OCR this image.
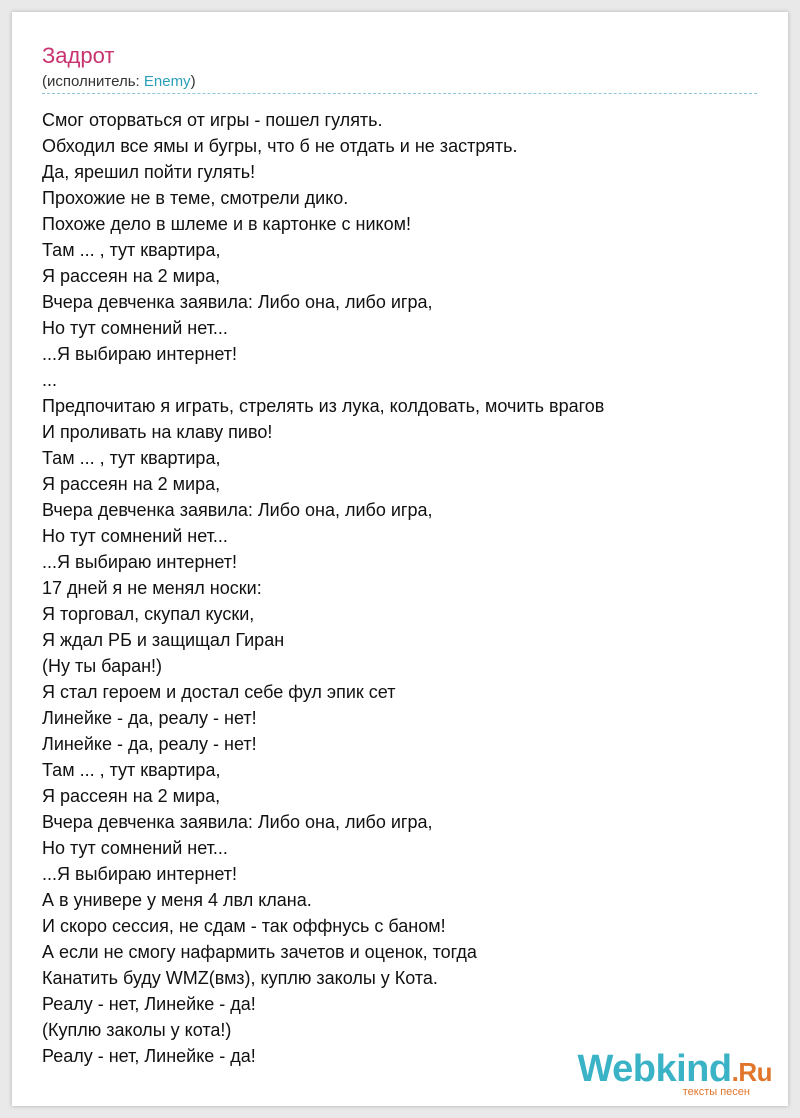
Задрот
(исполнитель: Enemy)
Смог оторваться от игры - пошел гулять.
Обходил все ямы и бугры, что б не отдать и не застрять.
Да, ярешил пойти гулять!
Прохожие не в теме, смотрели дико.
Похоже дело в шлеме и в картонке с ником!
Там ... , тут квартира,
Я рассеян на 2 мира,
Вчера девченка заявила: Либо она, либо игра,
Но тут сомнений нет...
...Я выбираю интернет!
...
Предпочитаю я играть, стрелять из лука, колдовать, мочить врагов
И проливать на клаву пиво!
Там ... , тут квартира,
Я рассеян на 2 мира,
Вчера девченка заявила: Либо она, либо игра,
Но тут сомнений нет...
...Я выбираю интернет!
17 дней я не менял носки:
Я торговал, скупал куски,
Я ждал РБ и защищал Гиран
(Ну ты баран!)
Я стал героем и достал себе фул эпик сет
Линейке - да, реалу - нет!
Линейке - да, реалу - нет!
Там ... , тут квартира,
Я рассеян на 2 мира,
Вчера девченка заявила: Либо она, либо игра,
Но тут сомнений нет...
...Я выбираю интернет!
А в универе у меня 4 лвл клана.
И скоро сессия, не сдам - так оффнусь с баном!
А если не смогу нафармить зачетов и оценок, тогда
Канатить буду WMZ(вмз), куплю заколы у Кота.
Реалу - нет, Линейке - да!
(Куплю заколы у кота!)
Реалу - нет, Линейке - да!	Webkind.Ru
тексты песен
